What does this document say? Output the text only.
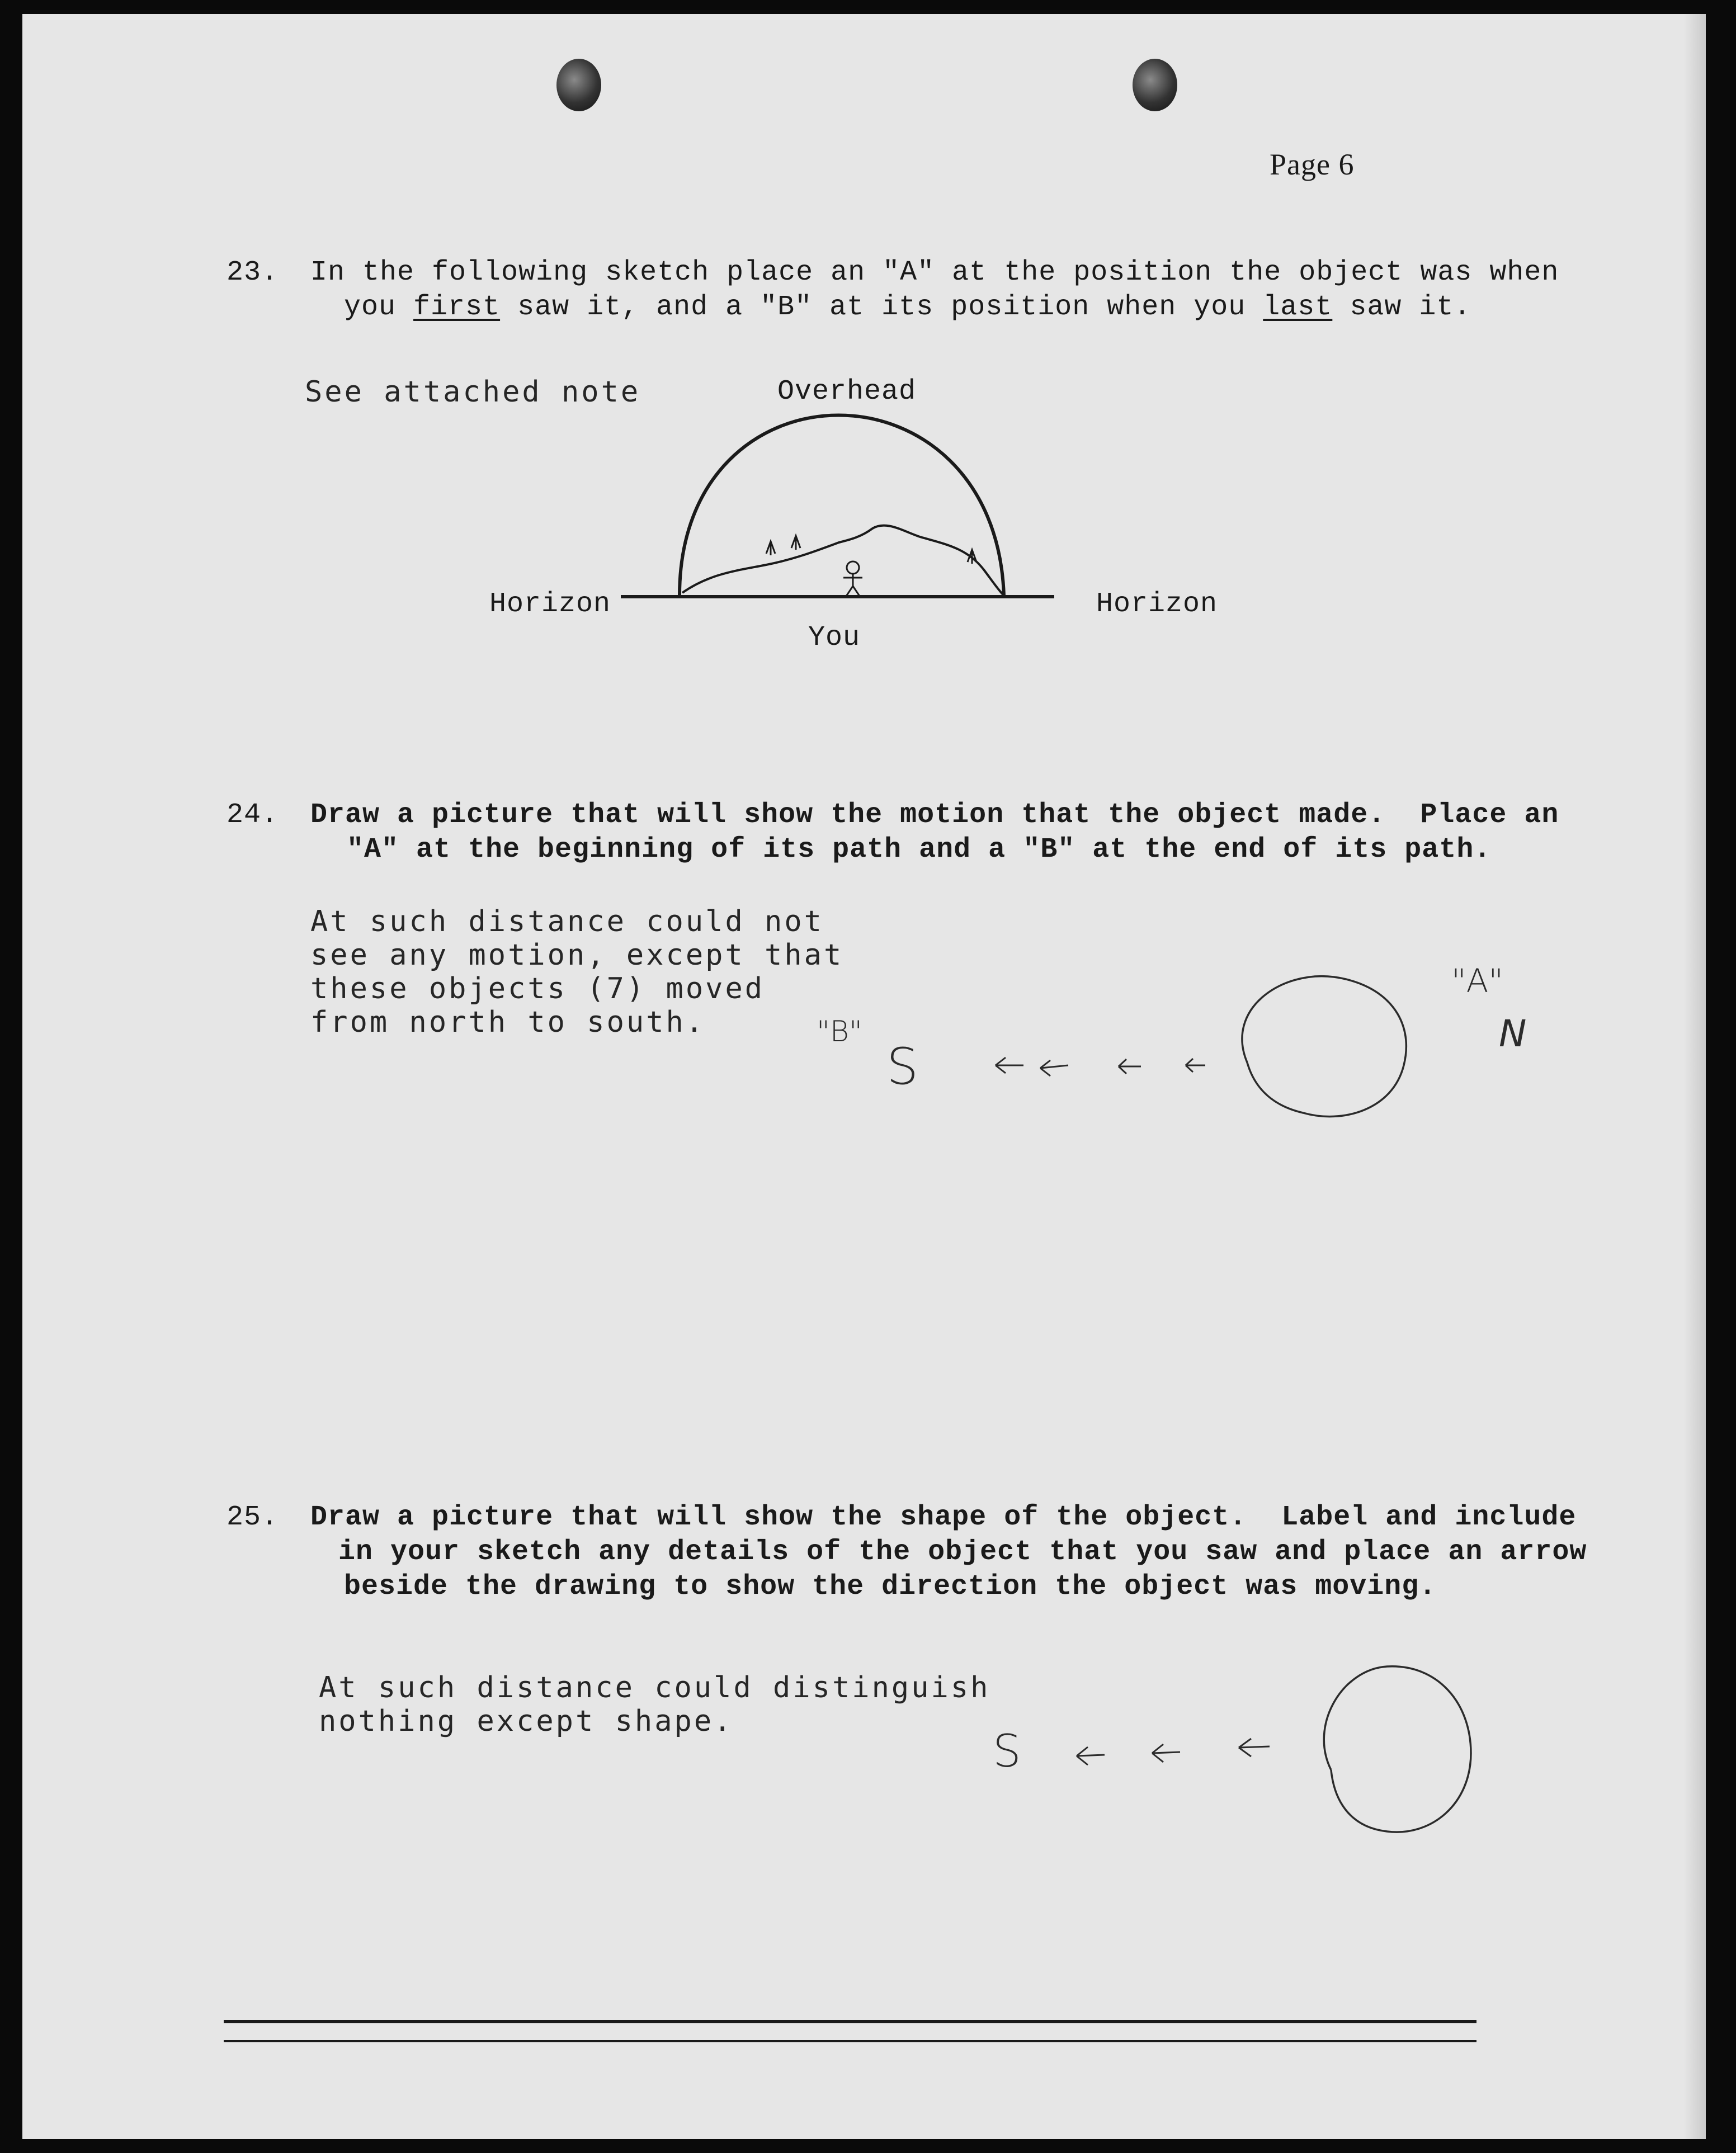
Page 6
23. In the following sketch place an "A" at the position the object was when
you first saw it, and a "B" at its position when you last saw it.
See attached note	Overhead
Horizon	Horizon
You
24. Draw a picture that will show the motion that the object made.  Place an
"A" at the beginning of its path and a "B" at the end of its path.
At such distance could not
see any motion, except that
these objects (7) moved
from north to south.	"B"
S
"A"
N
25. Draw a picture that will show the shape of the object.  Label and include
in your sketch any details of the object that you saw and place an arrow
beside the drawing to show the direction the object was moving.
At such distance could distinguish
nothing except shape.
S
